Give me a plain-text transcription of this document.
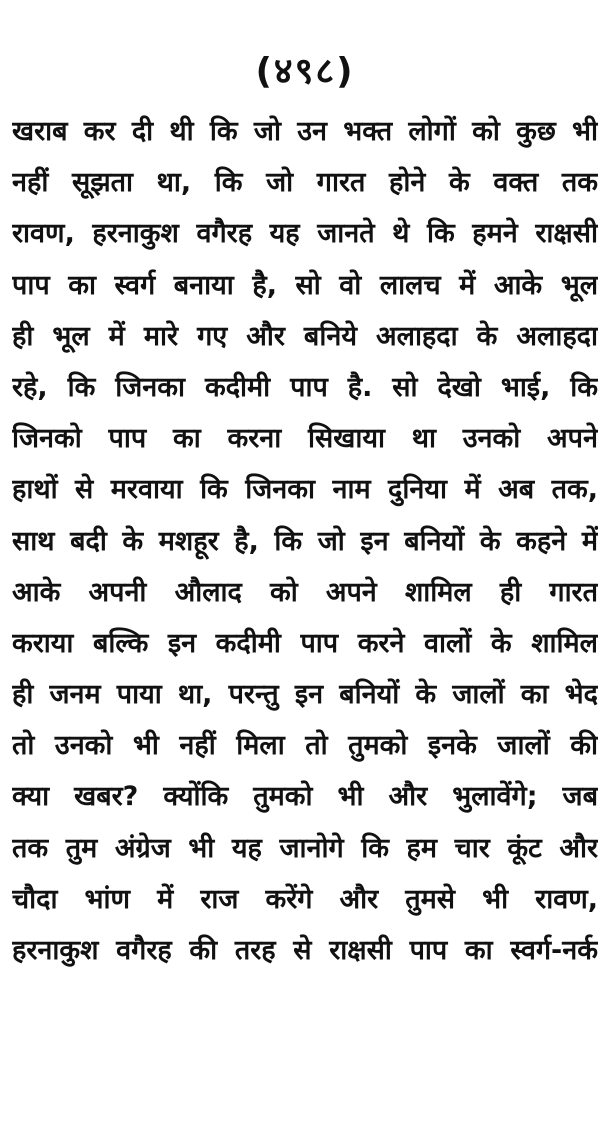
(४९८)
खराब कर दी थी कि जो उन भक्त लोगों को कुछ भी
नहीं सूझता था, कि जो गारत होने के वक्त तक
रावण, हरनाकुश वगैरह यह जानते थे कि हमने राक्षसी
पाप का स्वर्ग बनाया है, सो वो लालच में आके भूल
ही भूल में मारे गए और बनिये अलाहदा के अलाहदा
रहे, कि जिनका कदीमी पाप है. सो देखो भाई, कि
जिनको पाप का करना सिखाया था उनको अपने
हाथों से मरवाया कि जिनका नाम दुनिया में अब तक,
साथ बदी के मशहूर है, कि जो इन बनियों के कहने में
आके अपनी औलाद को अपने शामिल ही गारत
कराया बल्कि इन कदीमी पाप करने वालों के शामिल
ही जनम पाया था, परन्तु इन बनियों के जालों का भेद
तो उनको भी नहीं मिला तो तुमको इनके जालों की
क्या खबर? क्योंकि तुमको भी और भुलावेंगे; जब
तक तुम अंग्रेज भी यह जानोगे कि हम चार कूंट और
चौदा भांण में राज करेंगे और तुमसे भी रावण,
हरनाकुश वगैरह की तरह से राक्षसी पाप का स्वर्ग-नर्क
